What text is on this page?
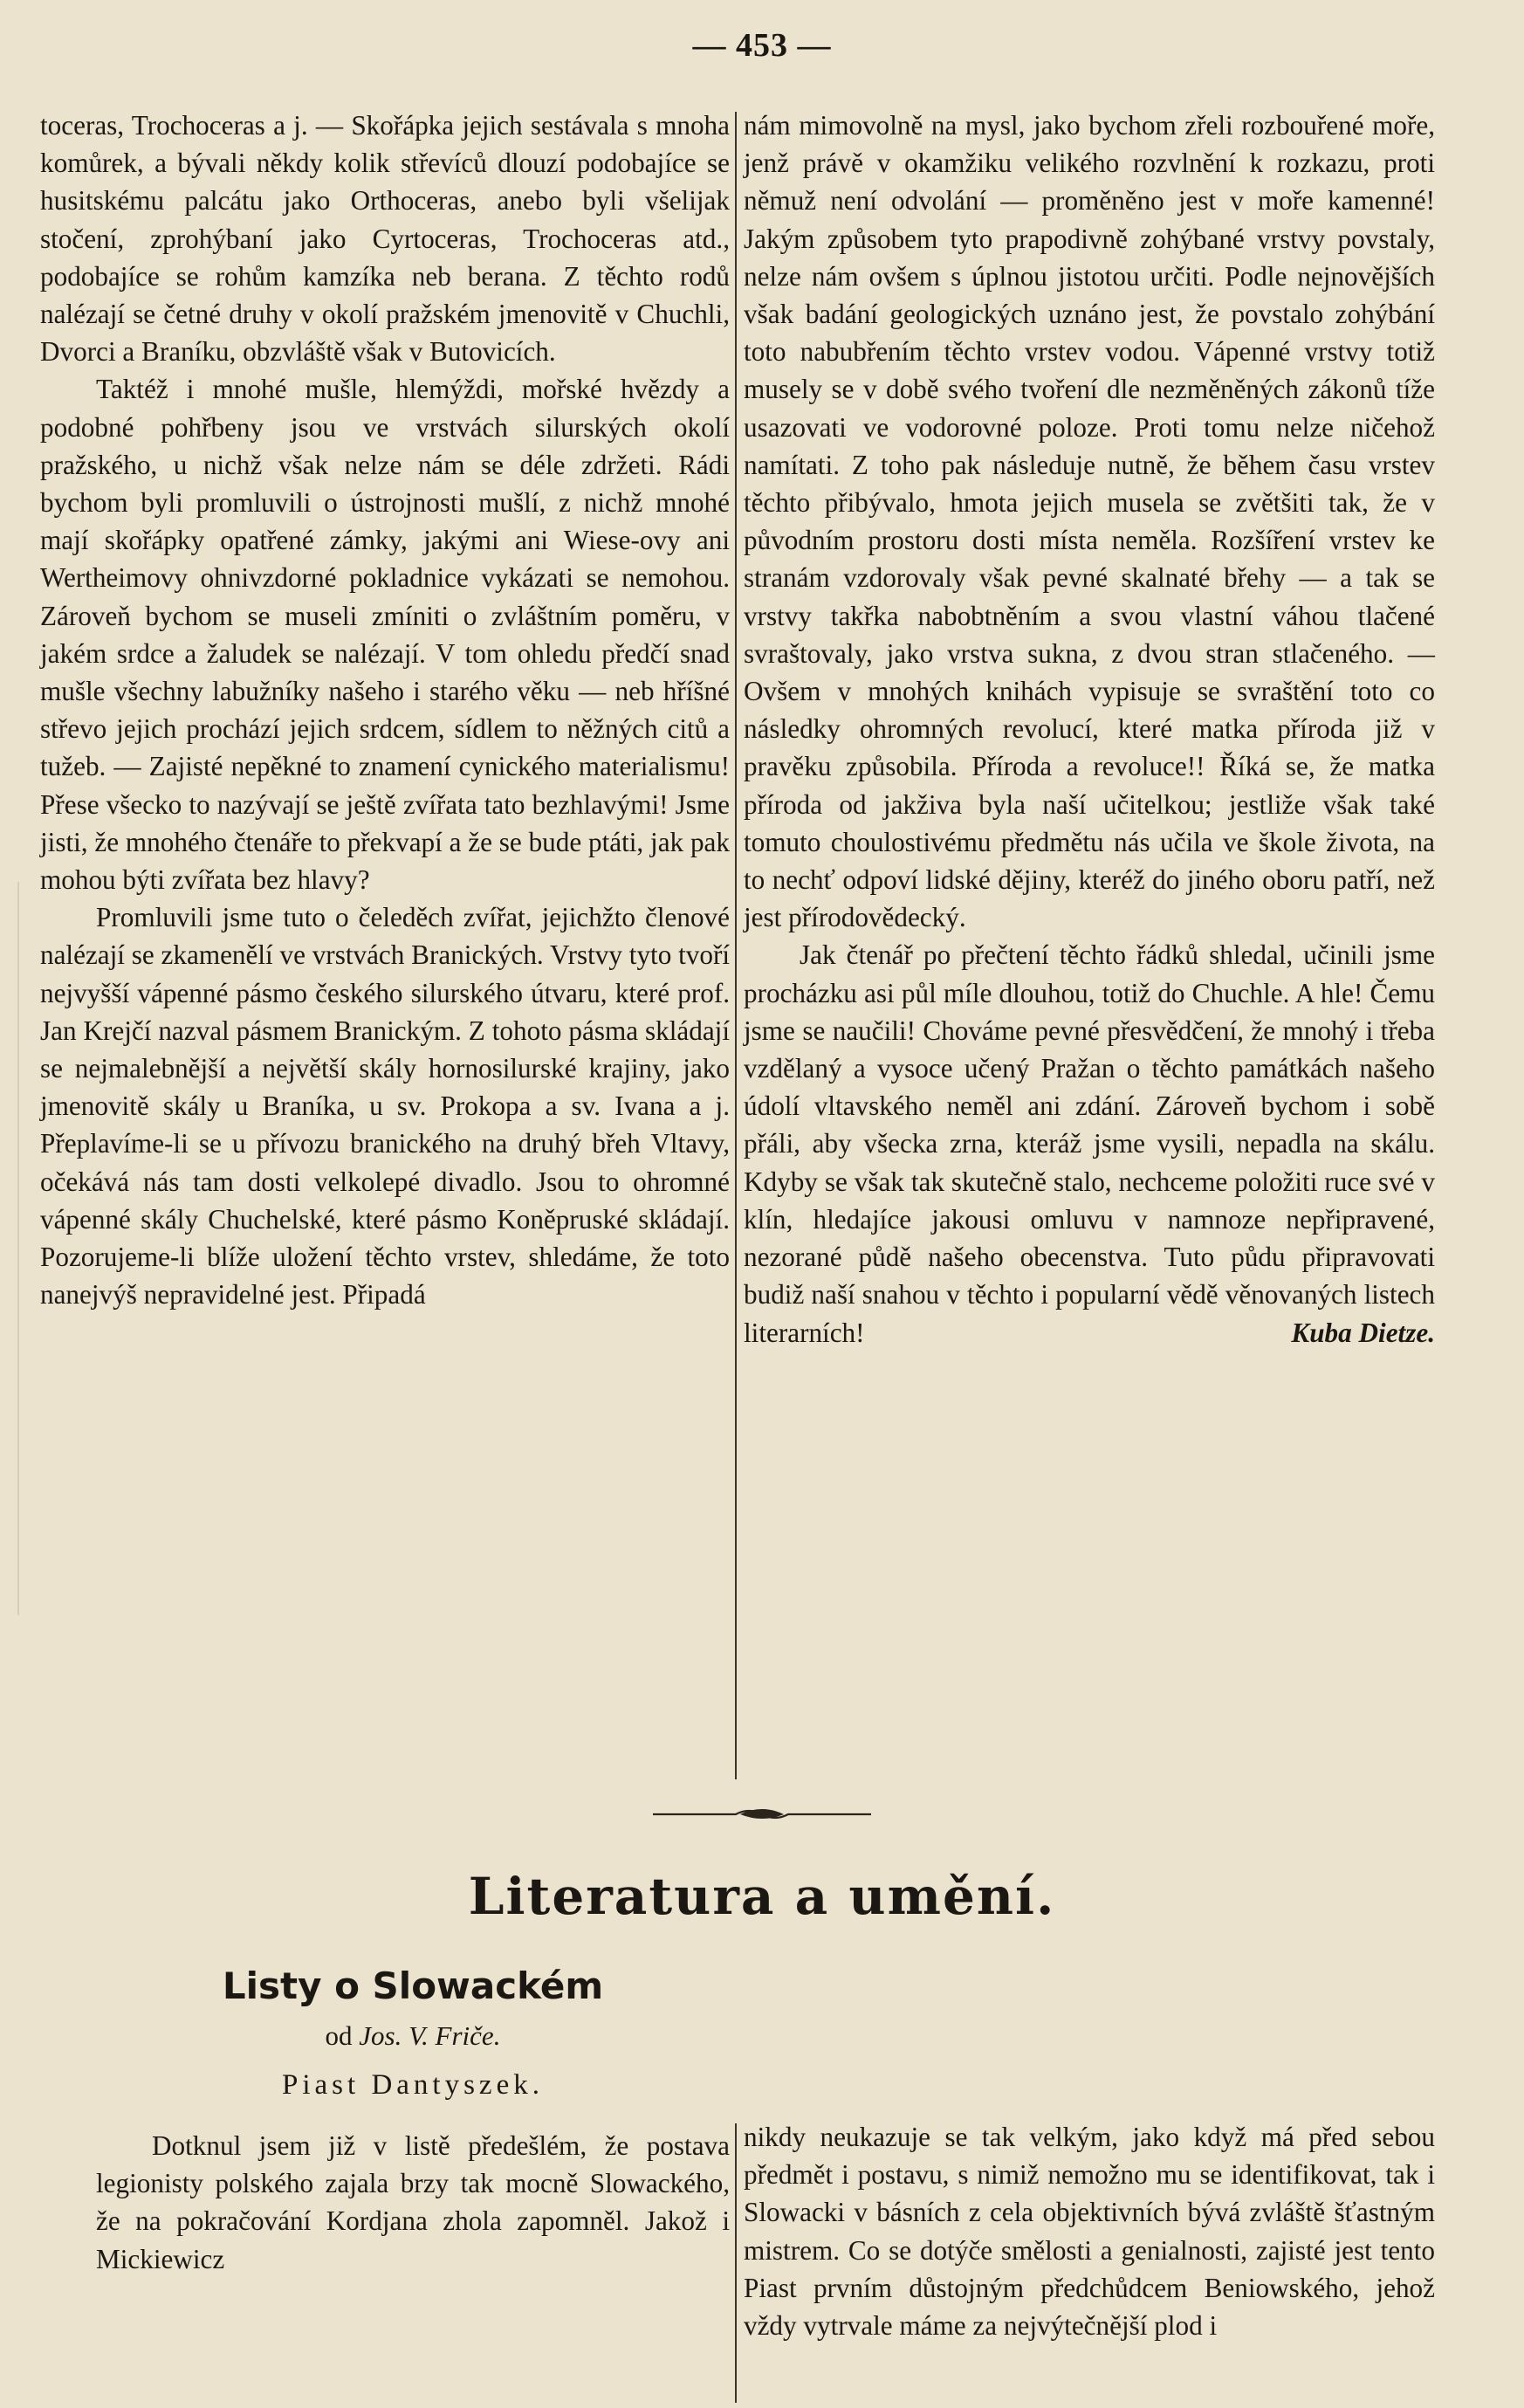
— 453 —

toceras, Trochoceras a j. — Skořápka jejich sestávala s mnoha komůrek, a bývali někdy kolik střevíců dlouzí podobajíce se husitskému palcátu jako Orthoceras, anebo byli všelijak stočení, zprohýbaní jako Cyrtoceras, Trochoceras atd., podobajíce se rohům kamzíka neb berana. Z těchto rodů nalézají se četné druhy v okolí pražském jmenovitě v Chuchli, Dvorci a Braníku, obzvláště však v Butovicích.

Taktéž i mnohé mušle, hlemýždi, mořské hvězdy a podobné pohřbeny jsou ve vrstvách silurských okolí pražského, u nichž však nelze nám se déle zdržeti. Rádi bychom byli promluvili o ústrojnosti mušlí, z nichž mnohé mají skořápky opatřené zámky, jakými ani Wiese-ovy ani Wertheimovy ohnivzdorné pokladnice vykázati se nemohou. Zároveň bychom se museli zmíniti o zvláštním poměru, v jakém srdce a žaludek se nalézají. V tom ohledu předčí snad mušle všechny labužníky našeho i starého věku — neb hříšné střevo jejich prochází jejich srdcem, sídlem to něžných citů a tužeb. — Zajisté nepěkné to znamení cynického materialismu! Přese všecko to nazývají se ještě zvířata tato bezhlavými! Jsme jisti, že mnohého čtenáře to překvapí a že se bude ptáti, jak pak mohou býti zvířata bez hlavy?

Promluvili jsme tuto o čeleděch zvířat, jejichžto členové nalézají se zkamenělí ve vrstvách Branických. Vrstvy tyto tvoří nejvyšší vápenné pásmo českého silurského útvaru, které prof. Jan Krejčí nazval pásmem Branickým. Z tohoto pásma skládají se nejmalebnější a největší skály hornosilurské krajiny, jako jmenovitě skály u Braníka, u sv. Prokopa a sv. Ivana a j. Přeplavíme-li se u přívozu branického na druhý břeh Vltavy, očekává nás tam dosti velkolepé divadlo. Jsou to ohromné vápenné skály Chuchelské, které pásmo Koněpruské skládají. Pozorujeme-li blíže uložení těchto vrstev, shledáme, že toto nanejvýš nepravidelné jest. Připadá

nám mimovolně na mysl, jako bychom zřeli rozbouřené moře, jenž právě v okamžiku velikého rozvlnění k rozkazu, proti němuž není odvolání — proměněno jest v moře kamenné! Jakým způsobem tyto prapodivně zohýbané vrstvy povstaly, nelze nám ovšem s úplnou jistotou určiti. Podle nejnovějších však badání geologických uznáno jest, že povstalo zohýbání toto nabubřením těchto vrstev vodou. Vápenné vrstvy totiž musely se v době svého tvoření dle nezměněných zákonů tíže usazovati ve vodorovné poloze. Proti tomu nelze ničehož namítati. Z toho pak následuje nutně, že během času vrstev těchto přibývalo, hmota jejich musela se zvětšiti tak, že v původním prostoru dosti místa neměla. Rozšíření vrstev ke stranám vzdorovaly však pevné skalnaté břehy — a tak se vrstvy takřka nabobtněním a svou vlastní váhou tlačené svraštovaly, jako vrstva sukna, z dvou stran stlačeného. — Ovšem v mnohých knihách vypisuje se svraštění toto co následky ohromných revolucí, které matka příroda již v pravěku způsobila. Příroda a revoluce!! Říká se, že matka příroda od jakživa byla naší učitelkou; jestliže však také tomuto choulostivému předmětu nás učila ve škole života, na to nechť odpoví lidské dějiny, kteréž do jiného oboru patří, než jest přírodovědecký.

Jak čtenář po přečtení těchto řádků shledal, učinili jsme procházku asi půl míle dlouhou, totiž do Chuchle. A hle! Čemu jsme se naučili! Chováme pevné přesvědčení, že mnohý i třeba vzdělaný a vysoce učený Pražan o těchto památkách našeho údolí vltavského neměl ani zdání. Zároveň bychom i sobě přáli, aby všecka zrna, kteráž jsme vysili, nepadla na skálu. Kdyby se však tak skutečně stalo, nechceme položiti ruce své v klín, hledajíce jakousi omluvu v namnoze nepřipravené, nezorané půdě našeho obecenstva. Tuto půdu připravovati budiž naší snahou v těchto i popularní vědě věnovaných listech literarních!	Kuba Dietze.

Literatura a umění.
Listy o Slowackém
od Jos. V. Friče.
Piast Dantyszek.

Dotknul jsem již v listě předešlém, že postava legionisty polského zajala brzy tak mocně Slowackého, že na pokračování Kordjana zhola zapomněl. Jakož i Mickiewicz

nikdy neukazuje se tak velkým, jako když má před sebou předmět i postavu, s nimiž nemožno mu se identifikovat, tak i Slowacki v básních z cela objektivních bývá zvláště šťastným mistrem. Co se dotýče smělosti a genialnosti, zajisté jest tento Piast prvním důstojným předchůdcem Beniowského, jehož vždy vytrvale máme za nejvýtečnější plod i
